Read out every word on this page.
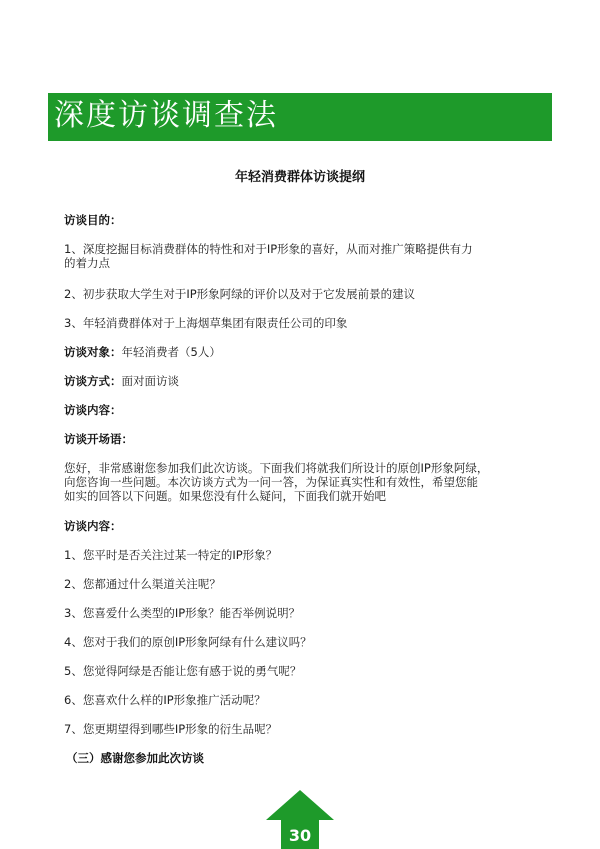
深度访谈调查法
年轻消费群体访谈提纲
访谈目的：
1、深度挖掘目标消费群体的特性和对于IP形象的喜好，从而对推广策略提供有力
的着力点
2、初步获取大学生对于IP形象阿绿的评价以及对于它发展前景的建议
3、年轻消费群体对于上海烟草集团有限责任公司的印象
访谈对象：年轻消费者（5人）
访谈方式：面对面访谈
访谈内容：
访谈开场语：
您好，非常感谢您参加我们此次访谈。下面我们将就我们所设计的原创IP形象阿绿，
向您咨询一些问题。本次访谈方式为一问一答，为保证真实性和有效性，希望您能
如实的回答以下问题。如果您没有什么疑问，下面我们就开始吧
访谈内容：
1、您平时是否关注过某一特定的IP形象？
2、您都通过什么渠道关注呢？
3、您喜爱什么类型的IP形象？能否举例说明？
4、您对于我们的原创IP形象阿绿有什么建议吗？
5、您觉得阿绿是否能让您有感于说的勇气呢？
6、您喜欢什么样的IP形象推广活动呢？
7、您更期望得到哪些IP形象的衍生品呢？
（三）感谢您参加此次访谈
30
